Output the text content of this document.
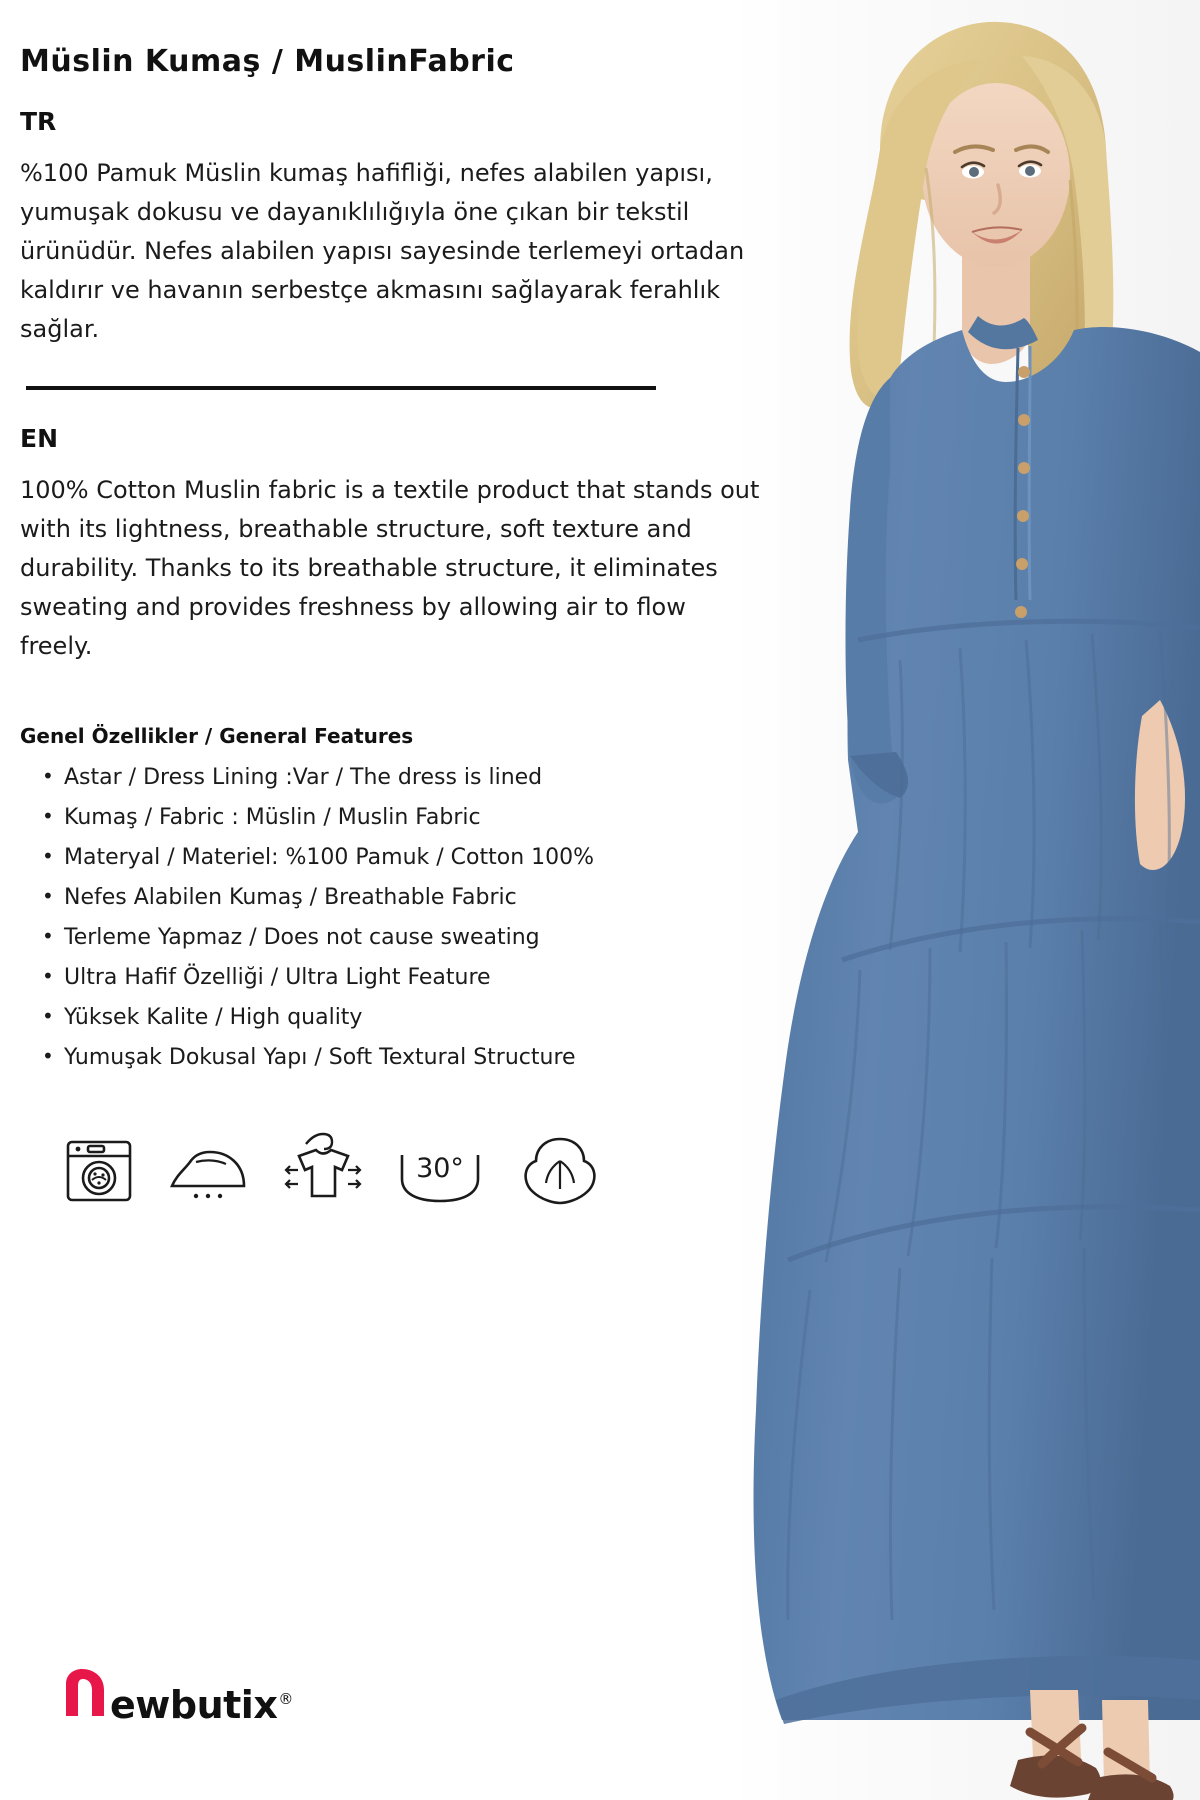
Müslin Kumaş / MuslinFabric
TR

%100 Pamuk Müslin kumaş hafifliği, nefes alabilen yapısı, yumuşak dokusu ve dayanıklılığıyla öne çıkan bir tekstil ürünüdür. Nefes alabilen yapısı sayesinde terlemeyi ortadan kaldırır ve havanın serbestçe akmasını sağlayarak ferahlık sağlar.

EN

100% Cotton Muslin fabric is a textile product that stands out with its lightness, breathable structure, soft texture and durability. Thanks to its breathable structure, it eliminates sweating and provides freshness by allowing air to flow freely.

Genel Özellikler / General Features
• Astar / Dress Lining :Var / The dress is lined
• Kumaş / Fabric : Müslin / Muslin Fabric
• Materyal / Materiel: %100 Pamuk / Cotton 100%
• Nefes Alabilen Kumaş / Breathable Fabric
• Terleme Yapmaz / Does not cause sweating
• Ultra Hafif Özelliği / Ultra Light Feature
• Yüksek Kalite / High quality
• Yumuşak Dokusal Yapı / Soft Textural Structure
30°
ewbutix ®
